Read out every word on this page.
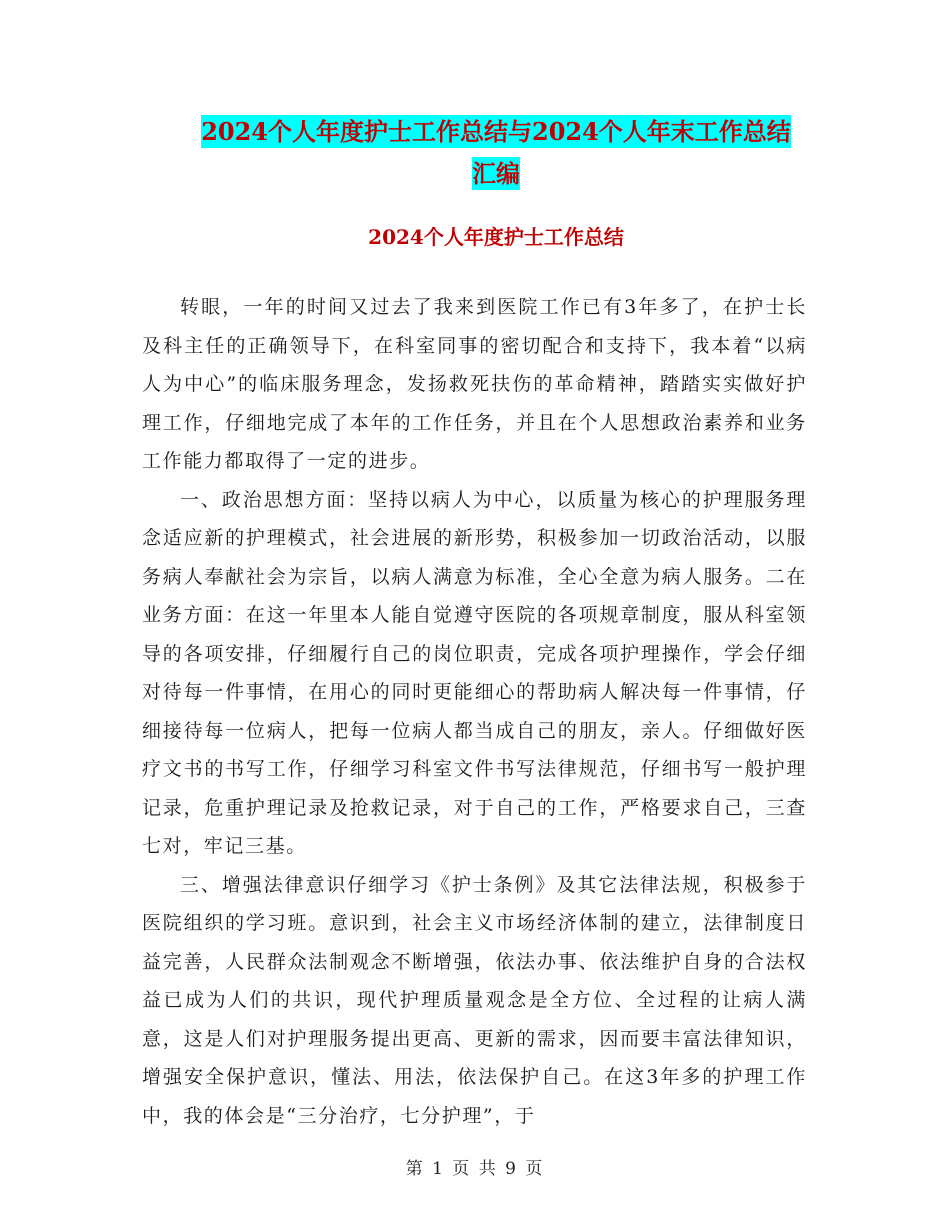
2024个人年度护士工作总结与2024个人年末工作总结
汇编
2024个人年度护士工作总结

转眼，一年的时间又过去了我来到医院工作已有3年多了，在护士长及科主任的正确领导下，在科室同事的密切配合和支持下，我本着“以病人为中心”的临床服务理念，发扬救死扶伤的革命精神，踏踏实实做好护理工作，仔细地完成了本年的工作任务，并且在个人思想政治素养和业务工作能力都取得了一定的进步。

一、政治思想方面：坚持以病人为中心，以质量为核心的护理服务理念适应新的护理模式，社会进展的新形势，积极参加一切政治活动，以服务病人奉献社会为宗旨，以病人满意为标准，全心全意为病人服务。二在业务方面：在这一年里本人能自觉遵守医院的各项规章制度，服从科室领导的各项安排，仔细履行自己的岗位职责，完成各项护理操作，学会仔细对待每一件事情，在用心的同时更能细心的帮助病人解决每一件事情，仔细接待每一位病人，把每一位病人都当成自己的朋友，亲人。仔细做好医疗文书的书写工作，仔细学习科室文件书写法律规范，仔细书写一般护理记录，危重护理记录及抢救记录，对于自己的工作，严格要求自己，三查七对，牢记三基。

三、增强法律意识仔细学习《护士条例》及其它法律法规，积极参于医院组织的学习班。意识到，社会主义市场经济体制的建立，法律制度日益完善，人民群众法制观念不断增强，依法办事、依法维护自身的合法权益已成为人们的共识，现代护理质量观念是全方位、全过程的让病人满意，这是人们对护理服务提出更高、更新的需求，因而要丰富法律知识，增强安全保护意识，懂法、用法，依法保护自己。在这3年多的护理工作中，我的体会是“三分治疗，七分护理”，于

第 1 页 共 9 页
